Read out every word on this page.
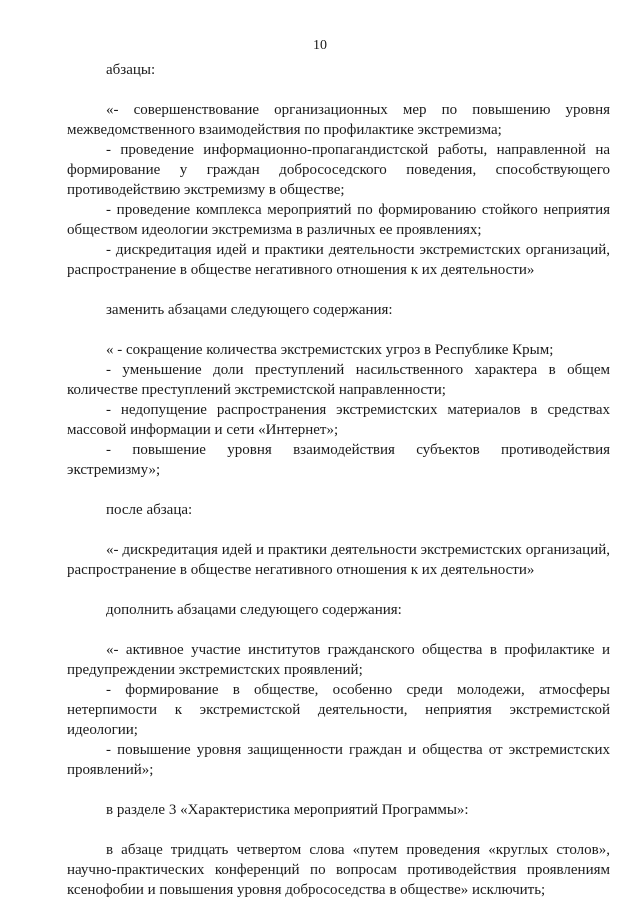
10
абзацы:
«- совершенствование организационных мер по повышению уровня межведомственного взаимодействия по профилактике экстремизма;
- проведение информационно-пропагандистской работы, направленной на формирование у граждан добрососедского поведения, способствующего противодействию экстремизму в обществе;
- проведение комплекса мероприятий по формированию стойкого неприятия обществом идеологии экстремизма в различных ее проявлениях;
- дискредитация идей и практики деятельности экстремистских организаций, распространение в обществе негативного отношения к их деятельности»
заменить абзацами следующего содержания:
« - сокращение количества экстремистских угроз в Республике Крым;
- уменьшение доли преступлений насильственного характера в общем количестве преступлений экстремистской направленности;
- недопущение распространения экстремистских материалов в средствах массовой информации и сети «Интернет»;
- повышение уровня взаимодействия субъектов противодействия экстремизму»;
после абзаца:
«- дискредитация идей и практики деятельности экстремистских организаций, распространение в обществе негативного отношения к их деятельности»
дополнить абзацами следующего содержания:
«- активное участие институтов гражданского общества в профилактике и предупреждении экстремистских проявлений;
- формирование в обществе, особенно среди молодежи, атмосферы нетерпимости к экстремистской деятельности, неприятия экстремистской идеологии;
- повышение уровня защищенности граждан и общества от экстремистских проявлений»;
в разделе 3 «Характеристика мероприятий Программы»:
в абзаце тридцать четвертом слова «путем проведения «круглых столов», научно-практических конференций по вопросам противодействия проявлениям ксенофобии и повышения уровня добрососедства в обществе» исключить;
